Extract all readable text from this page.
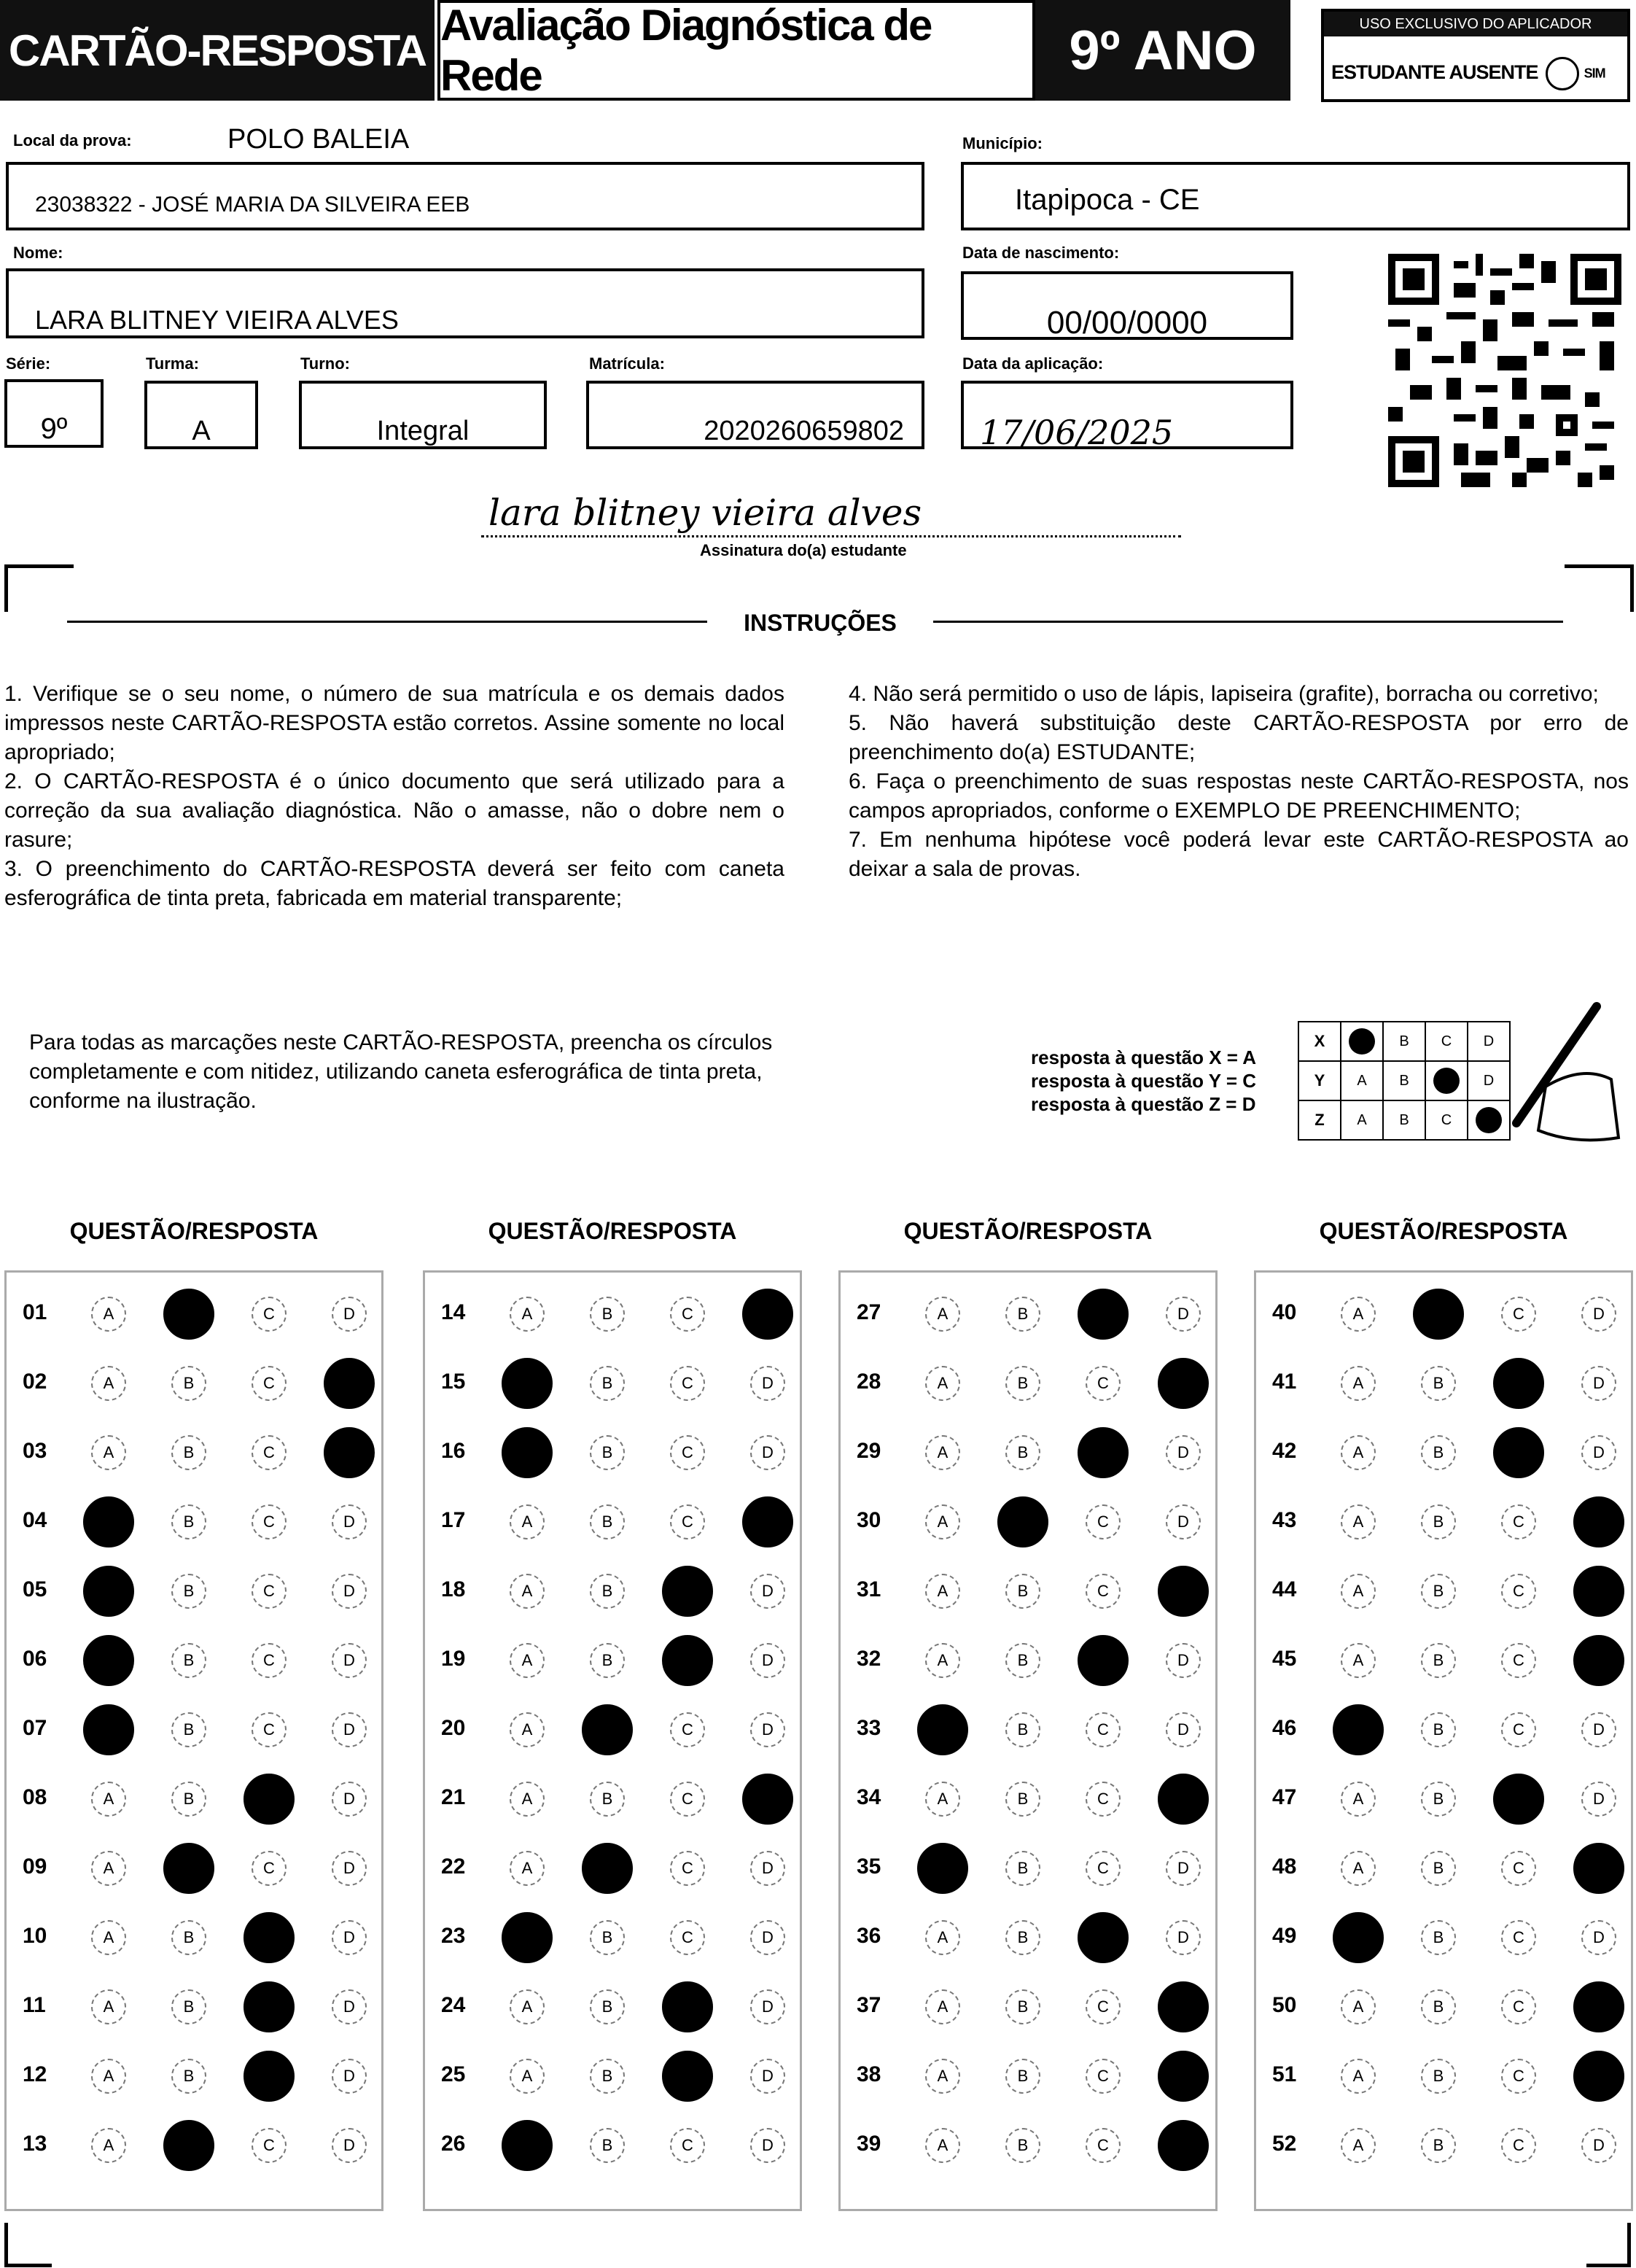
CARTÃO-RESPOSTA
Avaliação Diagnóstica de Rede	9º ANO	USO EXCLUSIVO DO APLICADOR
ESTUDANTE AUSENTE	SIM
Local da prova:	POLO BALEIA
23038322 - JOSÉ MARIA DA SILVEIRA EEB
Município:
Itapipoca - CE
Nome:
LARA BLITNEY VIEIRA ALVES
Data de nascimento:
00/00/0000
Série:
9º
Turma:
A
Turno:
Integral
Matrícula:
2020260659802
Data da aplicação:
17/06/2025
lara blitney vieira alves
Assinatura do(a) estudante
INSTRUÇÕES

1. Verifique se o seu nome, o número de sua matrícula e os demais dados impressos neste CARTÃO-RESPOSTA estão corretos. Assine somente no local apropriado;

2. O CARTÃO-RESPOSTA é o único documento que será utilizado para a correção da sua avaliação diagnóstica. Não o amasse, não o dobre nem o rasure;

3. O preenchimento do CARTÃO-RESPOSTA deverá ser feito com caneta esferográfica de tinta preta, fabricada em material transparente;

4. Não será permitido o uso de lápis, lapiseira (grafite), borracha ou corretivo;

5. Não haverá substituição deste CARTÃO-RESPOSTA por erro de preenchimento do(a) ESTUDANTE;

6. Faça o preenchimento de suas respostas neste CARTÃO-RESPOSTA, nos campos apropriados, conforme o EXEMPLO DE PREENCHIMENTO;

7. Em nenhuma hipótese você poderá levar este CARTÃO-RESPOSTA ao deixar a sala de provas.

Para todas as marcações neste CARTÃO-RESPOSTA, preencha os círculos completamente e com nitidez, utilizando caneta esferográfica de tinta preta, conforme na ilustração.
resposta à questão X = A
resposta à questão Y = C
resposta à questão Z = D
X		B	C	D
Y	A	B		D
Z	A	B	C	
QUESTÃO/RESPOSTA
01	A	B	C	D
02	A	B	C	D
03	A	B	C	D
04	A	B	C	D
05	A	B	C	D
06	A	B	C	D
07	A	B	C	D
08	A	B	C	D
09	A	B	C	D
10	A	B	C	D
11	A	B	C	D
12	A	B	C	D
13	A	B	C	D
QUESTÃO/RESPOSTA
14	A	B	C	D
15	A	B	C	D
16	A	B	C	D
17	A	B	C	D
18	A	B	C	D
19	A	B	C	D
20	A	B	C	D
21	A	B	C	D
22	A	B	C	D
23	A	B	C	D
24	A	B	C	D
25	A	B	C	D
26	A	B	C	D
QUESTÃO/RESPOSTA
27	A	B	C	D
28	A	B	C	D
29	A	B	C	D
30	A	B	C	D
31	A	B	C	D
32	A	B	C	D
33	A	B	C	D
34	A	B	C	D
35	A	B	C	D
36	A	B	C	D
37	A	B	C	D
38	A	B	C	D
39	A	B	C	D
QUESTÃO/RESPOSTA
40	A	B	C	D
41	A	B	C	D
42	A	B	C	D
43	A	B	C	D
44	A	B	C	D
45	A	B	C	D
46	A	B	C	D
47	A	B	C	D
48	A	B	C	D
49	A	B	C	D
50	A	B	C	D
51	A	B	C	D
52	A	B	C	D
